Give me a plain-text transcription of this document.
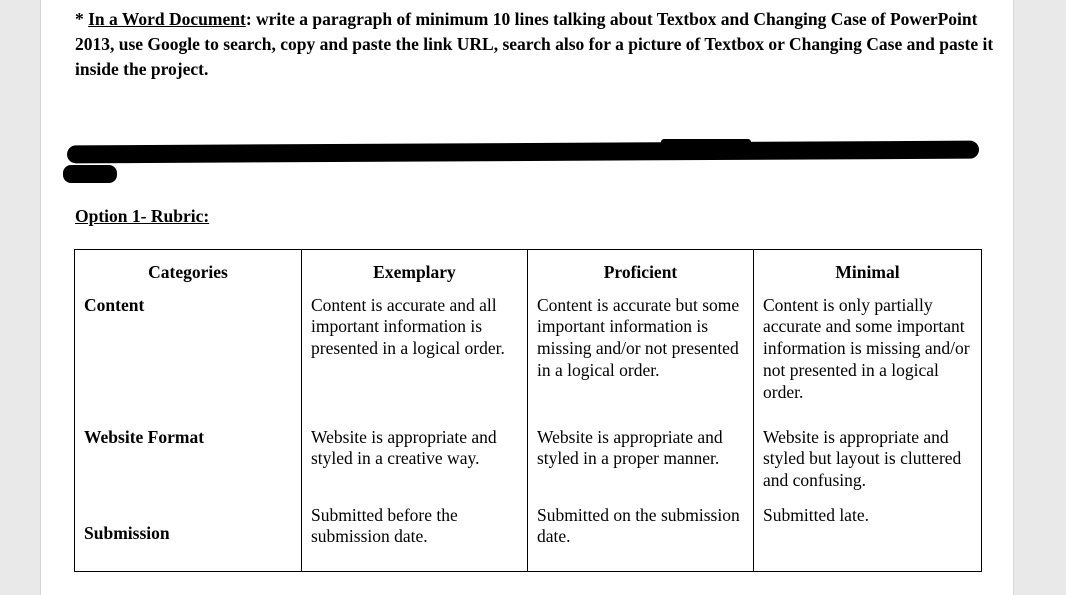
* In a Word Document: write a paragraph of minimum 10 lines talking about Textbox and Changing Case of PowerPoint 2013, use Google to search, copy and paste the link URL, search also for a picture of Textbox or Changing Case and paste it inside the project.
Option 1- Rubric:
Categories	Exemplary	Proficient	Minimal
Content	Content is accurate and all important information is presented in a logical order.	Content is accurate but some important information is missing and/or not presented in a logical order.	Content is only partially accurate and some important information is missing and/or not presented in a logical order.
Website Format	Website is appropriate and styled in a creative way.	Website is appropriate and styled in a proper manner.	Website is appropriate and styled but layout is cluttered and confusing.

Submission	Submitted before the submission date.	Submitted on the submission date.	Submitted late.
